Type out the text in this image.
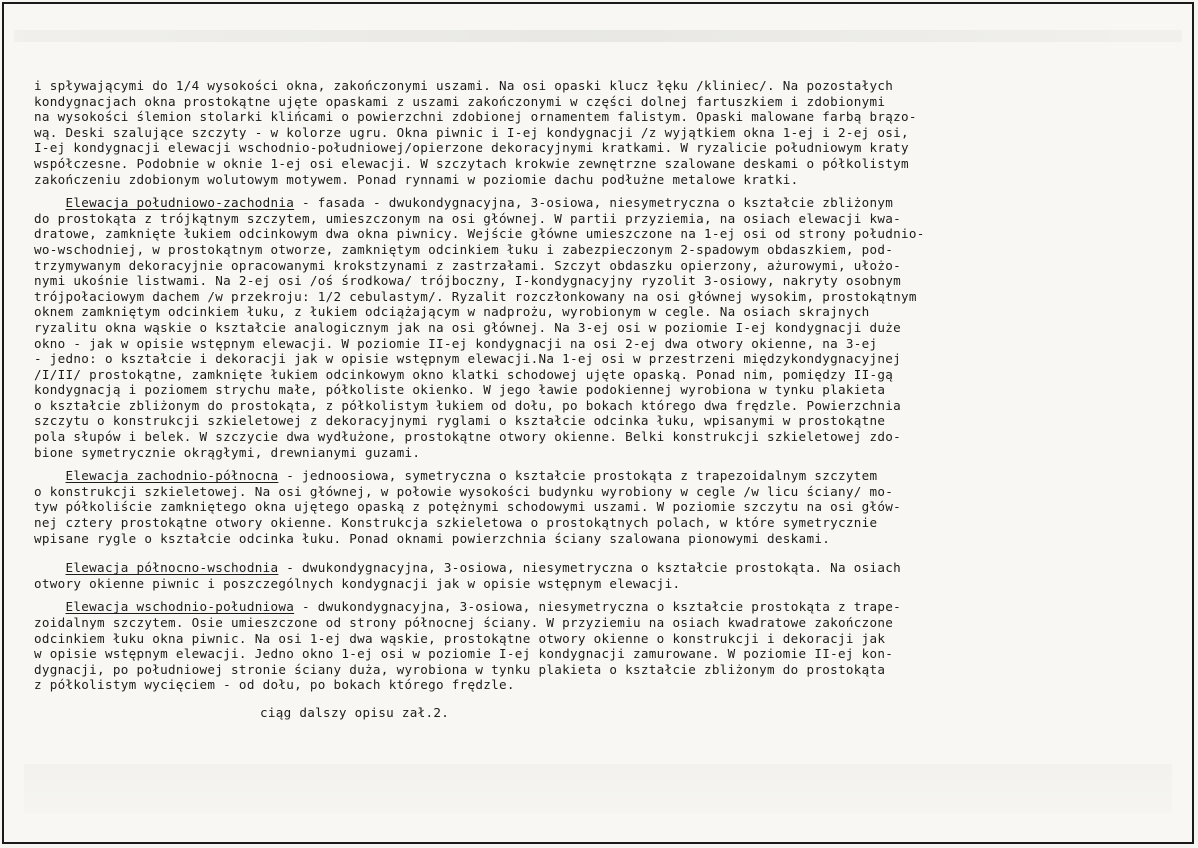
i spływającymi do 1/4 wysokości okna, zakończonymi uszami. Na osi opaski klucz łęku /kliniec/. Na pozostałych
kondygnacjach okna prostokątne ujęte opaskami z uszami zakończonymi w części dolnej fartuszkiem i zdobionymi
na wysokości ślemion stolarki klińcami o powierzchni zdobionej ornamentem falistym. Opaski malowane farbą brązo-
wą. Deski szalujące szczyty - w kolorze ugru. Okna piwnic i I-ej kondygnacji /z wyjątkiem okna 1-ej i 2-ej osi,
I-ej kondygnacji elewacji wschodnio-południowej/opierzone dekoracyjnymi kratkami. W ryzalicie południowym kraty
współczesne. Podobnie w oknie 1-ej osi elewacji. W szczytach krokwie zewnętrzne szalowane deskami o półkolistym
zakończeniu zdobionym wolutowym motywem. Ponad rynnami w poziomie dachu podłużne metalowe kratki.
Elewacja południowo-zachodnia - fasada - dwukondygnacyjna, 3-osiowa, niesymetryczna o kształcie zbliżonym
do prostokąta z trójkątnym szczytem, umieszczonym na osi głównej. W partii przyziemia, na osiach elewacji kwa-
dratowe, zamknięte łukiem odcinkowym dwa okna piwnicy. Wejście główne umieszczone na 1-ej osi od strony południo-
wo-wschodniej, w prostokątnym otworze, zamkniętym odcinkiem łuku i zabezpieczonym 2-spadowym obdaszkiem, pod-
trzymywanym dekoracyjnie opracowanymi krokstzynami z zastrzałami. Szczyt obdaszku opierzony, ażurowymi, ułożo-
nymi ukośnie listwami. Na 2-ej osi /oś środkowa/ trójboczny, I-kondygnacyjny ryzolit 3-osiowy, nakryty osobnym
trójpołaciowym dachem /w przekroju: 1/2 cebulastym/. Ryzalit rozczłonkowany na osi głównej wysokim, prostokątnym
oknem zamkniętym odcinkiem łuku, z łukiem odciążającym w nadprożu, wyrobionym w cegle. Na osiach skrajnych
ryzalitu okna wąskie o kształcie analogicznym jak na osi głównej. Na 3-ej osi w poziomie I-ej kondygnacji duże
okno - jak w opisie wstępnym elewacji. W poziomie II-ej kondygnacji na osi 2-ej dwa otwory okienne, na 3-ej
- jedno: o kształcie i dekoracji jak w opisie wstępnym elewacji.Na 1-ej osi w przestrzeni międzykondygnacyjnej
/I/II/ prostokątne, zamknięte łukiem odcinkowym okno klatki schodowej ujęte opaską. Ponad nim, pomiędzy II-gą
kondygnacją i poziomem strychu małe, półkoliste okienko. W jego ławie podokiennej wyrobiona w tynku plakieta
o kształcie zbliżonym do prostokąta, z półkolistym łukiem od dołu, po bokach którego dwa frędzle. Powierzchnia
szczytu o konstrukcji szkieletowej z dekoracyjnymi ryglami o kształcie odcinka łuku, wpisanymi w prostokątne
pola słupów i belek. W szczycie dwa wydłużone, prostokątne otwory okienne. Belki konstrukcji szkieletowej zdo-
bione symetrycznie okrągłymi, drewnianymi guzami.
Elewacja zachodnio-północna - jednoosiowa, symetryczna o kształcie prostokąta z trapezoidalnym szczytem
o konstrukcji szkieletowej. Na osi głównej, w połowie wysokości budynku wyrobiony w cegle /w licu ściany/ mo-
tyw półkoliście zamkniętego okna ujętego opaską z potężnymi schodowymi uszami. W poziomie szczytu na osi głów-
nej cztery prostokątne otwory okienne. Konstrukcja szkieletowa o prostokątnych polach, w które symetrycznie
wpisane rygle o kształcie odcinka łuku. Ponad oknami powierzchnia ściany szalowana pionowymi deskami.
Elewacja północno-wschodnia - dwukondygnacyjna, 3-osiowa, niesymetryczna o kształcie prostokąta. Na osiach
otwory okienne piwnic i poszczególnych kondygnacji jak w opisie wstępnym elewacji.
Elewacja wschodnio-południowa - dwukondygnacyjna, 3-osiowa, niesymetryczna o kształcie prostokąta z trape-
zoidalnym szczytem. Osie umieszczone od strony północnej ściany. W przyziemiu na osiach kwadratowe zakończone
odcinkiem łuku okna piwnic. Na osi 1-ej dwa wąskie, prostokątne otwory okienne o konstrukcji i dekoracji jak
w opisie wstępnym elewacji. Jedno okno 1-ej osi w poziomie I-ej kondygnacji zamurowane. W poziomie II-ej kon-
dygnacji, po południowej stronie ściany duża, wyrobiona w tynku plakieta o kształcie zbliżonym do prostokąta
z półkolistym wycięciem - od dołu, po bokach którego frędzle.
ciąg dalszy opisu zał.2.
